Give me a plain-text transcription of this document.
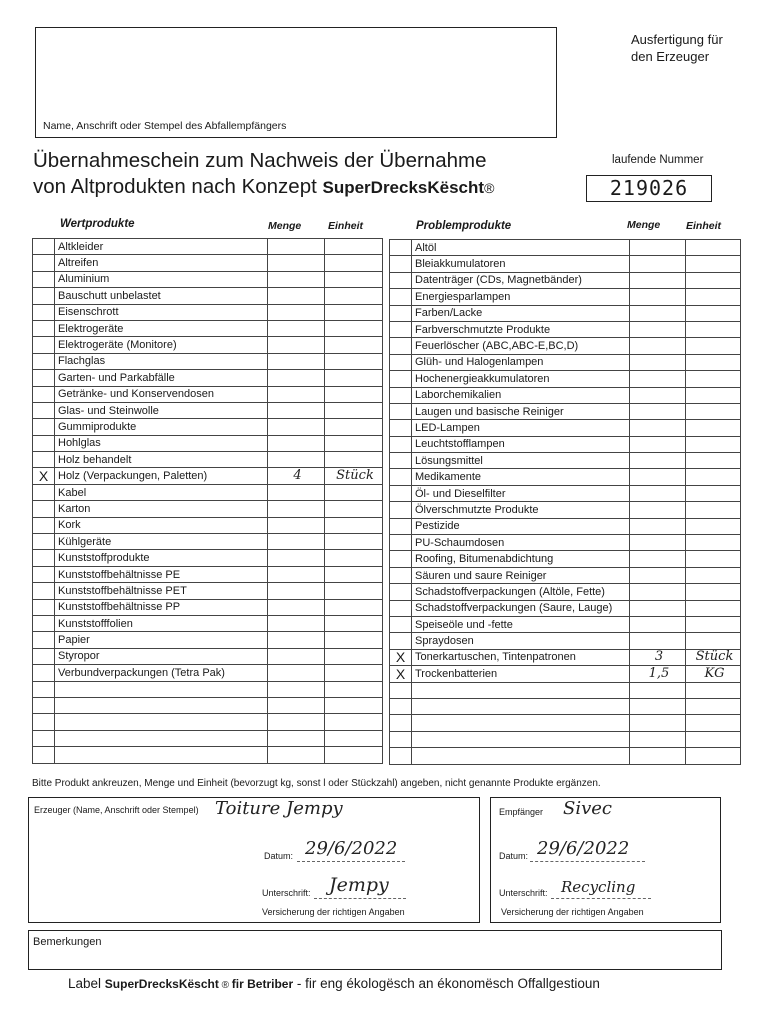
Name, Anschrift oder Stempel des Abfallempfängers
Ausfertigung für
den Erzeuger
Übernahmeschein zum Nachweis der Übernahme
von Altprodukten nach Konzept SuperDrecksKëscht®
laufende Nummer
219026
Wertprodukte	Menge	Einheit	Problemprodukte	Menge Einheit
	Altkleider		
	Altreifen		
	Aluminium		
	Bauschutt unbelastet		
	Eisenschrott		
	Elektrogeräte		
	Elektrogeräte (Monitore)		
	Flachglas		
	Garten- und Parkabfälle		
	Getränke- und Konservendosen		
	Glas- und Steinwolle		
	Gummiprodukte		
	Hohlglas		
	Holz behandelt		
X	Holz (Verpackungen, Paletten)	4	Stück
	Kabel		
	Karton		
	Kork		
	Kühlgeräte		
	Kunststoffprodukte		
	Kunststoffbehältnisse PE		
	Kunststoffbehältnisse PET		
	Kunststoffbehältnisse PP		
	Kunststofffolien		
	Papier		
	Styropor		
	Verbundverpackungen (Tetra Pak)		

	Altöl		
	Bleiakkumulatoren		
	Datenträger (CDs, Magnetbänder)		
	Energiesparlampen		
	Farben/Lacke		
	Farbverschmutzte Produkte		
	Feuerlöscher (ABC,ABC-E,BC,D)		
	Glüh- und Halogenlampen		
	Hochenergieakkumulatoren		
	Laborchemikalien		
	Laugen und basische Reiniger		
	LED-Lampen		
	Leuchtstofflampen		
	Lösungsmittel		
	Medikamente		
	Öl- und Dieselfilter		
	Ölverschmutzte Produkte		
	Pestizide		
	PU-Schaumdosen		
	Roofing, Bitumenabdichtung		
	Säuren und saure Reiniger		
	Schadstoffverpackungen (Altöle, Fette)		
	Schadstoffverpackungen (Saure, Lauge)		
	Speiseöle und -fette		
	Spraydosen		
X	Tonerkartuschen, Tintenpatronen	3	Stück
X	Trockenbatterien	1,5	KG

Bitte Produkt ankreuzen, Menge und Einheit (bevorzugt kg, sonst l oder Stückzahl) angeben, nicht genannte Produkte ergänzen.
Erzeuger (Name, Anschrift oder Stempel) Toiture Jempy
Datum: 29/6/2022
Unterschrift: Jempy
Versicherung der richtigen Angaben
Empfänger Sivec
Datum: 29/6/2022
Unterschrift: Recycling
Versicherung der richtigen Angaben
Bemerkungen
Label SuperDrecksKëscht ® fir Betriber - fir eng ékologësch an ékonomësch Offallgestioun
